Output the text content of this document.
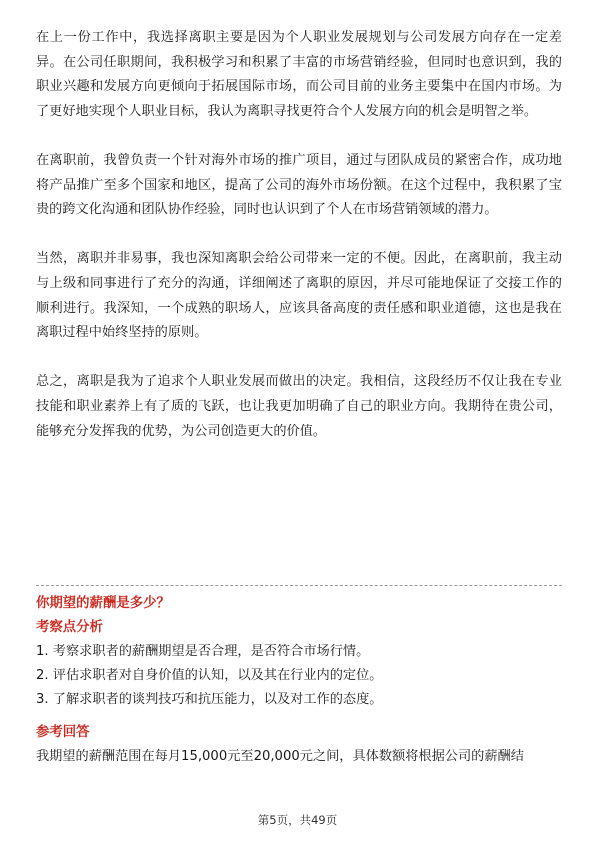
在上一份工作中，我选择离职主要是因为个人职业发展规划与公司发展方向存在一定差异。在公司任职期间，我积极学习和积累了丰富的市场营销经验，但同时也意识到，我的职业兴趣和发展方向更倾向于拓展国际市场，而公司目前的业务主要集中在国内市场。为了更好地实现个人职业目标，我认为离职寻找更符合个人发展方向的机会是明智之举。

在离职前，我曾负责一个针对海外市场的推广项目，通过与团队成员的紧密合作，成功地将产品推广至多个国家和地区，提高了公司的海外市场份额。在这个过程中，我积累了宝贵的跨文化沟通和团队协作经验，同时也认识到了个人在市场营销领域的潜力。

当然，离职并非易事，我也深知离职会给公司带来一定的不便。因此，在离职前，我主动与上级和同事进行了充分的沟通，详细阐述了离职的原因，并尽可能地保证了交接工作的顺利进行。我深知，一个成熟的职场人，应该具备高度的责任感和职业道德，这也是我在离职过程中始终坚持的原则。

总之，离职是我为了追求个人职业发展而做出的决定。我相信，这段经历不仅让我在专业技能和职业素养上有了质的飞跃，也让我更加明确了自己的职业方向。我期待在贵公司，能够充分发挥我的优势，为公司创造更大的价值。

你期望的薪酬是多少？

考察点分析

1. 考察求职者的薪酬期望是否合理，是否符合市场行情。

2. 评估求职者对自身价值的认知，以及其在行业内的定位。

3. 了解求职者的谈判技巧和抗压能力，以及对工作的态度。

参考回答

我期望的薪酬范围在每月15,000元至20,000元之间，具体数额将根据公司的薪酬结

第5页，共49页
